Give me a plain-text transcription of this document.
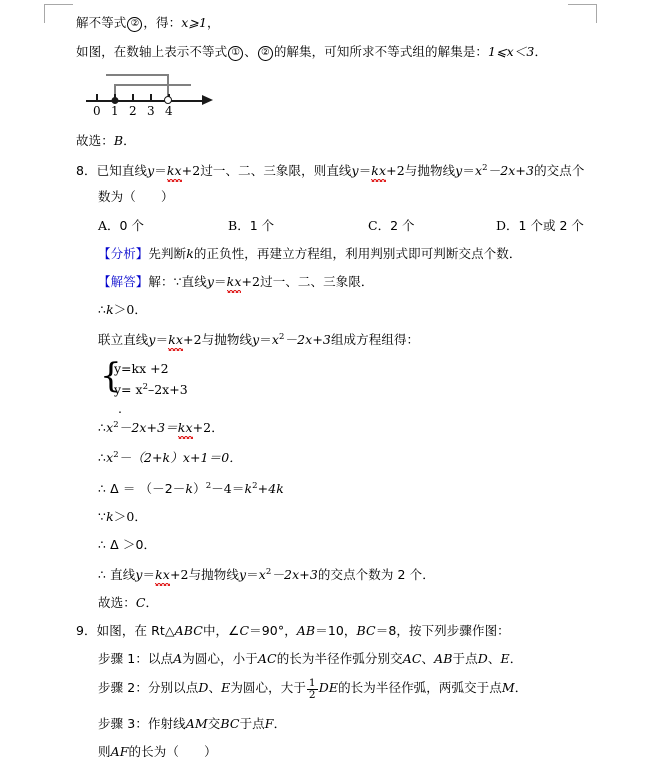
解不等式 ② ，得：x⩾1，
如图，在数轴上表示不等式 ① 、 ② 的解集，可知所求不等式组的解集是：1⩽x＜3．
0 1 2 3 4
故选：B．
8．已知直线y＝kx+2过一、二、三象限，则直线y＝kx+2与抛物线$y=x^2-2x+3$的交点个
数为（　　）
A．0 个	B．1 个	C．2 个	D．1 个或 2 个
【分析】先判断k的正负性，再建立方程组，利用判别式即可判断交点个数．
【解答】解：∵直线y＝kx+2过一、二、三象限．
∴k＞0．
联立直线y＝kx+2与抛物线$y=x^2-2x+3$组成方程组得：
{
y=kx +2
$y= x^2-2x+3$
.
$\therefore x^2-2x+3=kx+2$．
$\therefore x^2-(2+k)x+1=0$．
∴ $\Delta = (-2-k)^2-4=k^2+4k$
∵k＞0．
∴ Δ ＞0．
∴ 直线y＝kx+2与抛物线$y=x^2-2x+3$的交点个数为 2 个．
故选：C．
9．如图，在 Rt△ABC中，∠C＝90°，AB＝10，BC＝8，按下列步骤作图：
步骤 1：以点A为圆心，小于AC的长为半径作弧分别交AC、AB于点D、E．
步骤 2：分别以点D、E为圆心，大于 $\frac{1}{2}$ DE的长为半径作弧，两弧交于点M．
步骤 3：作射线AM交BC于点F．
则AF的长为（　　）
